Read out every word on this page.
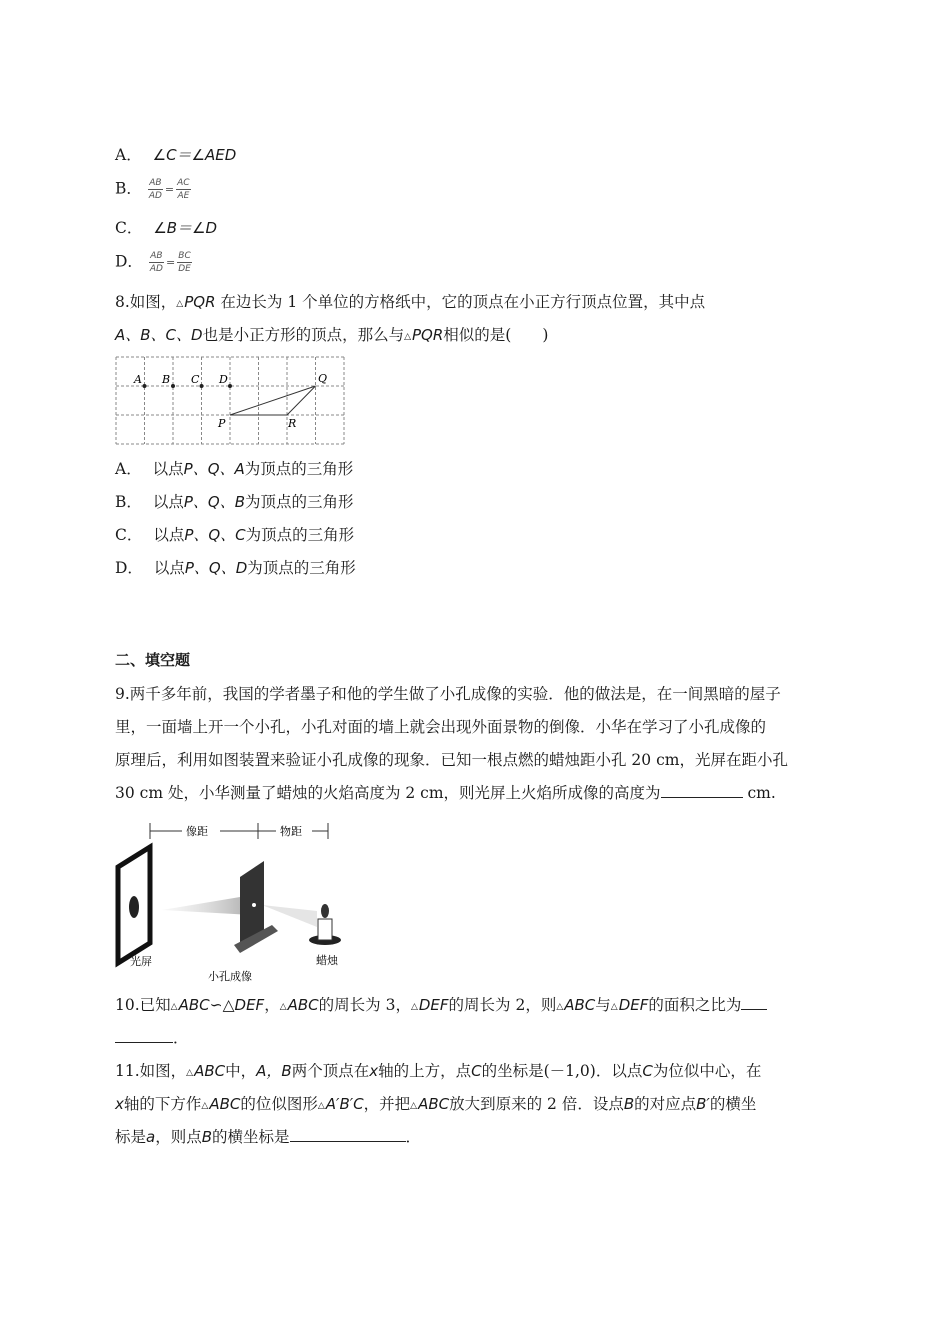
A． ∠C＝∠AED
B． $\frac{AB}{AD} = \frac{AC}{AE}$
C． ∠B＝∠D
D． $\frac{AB}{AD} = \frac{BC}{DE}$
8.如图，△PQR 在边长为 1 个单位的方格纸中，它的顶点在小正方行顶点位置，其中点
A、B、C、D也是小正方形的顶点，那么与△PQR相似的是(　　)
A B C D	Q
P	R
A． 以点P、Q、A为顶点的三角形
B． 以点P、Q、B为顶点的三角形
C． 以点P、Q、C为顶点的三角形
D． 以点P、Q、D为顶点的三角形
二、填空题
9.两千多年前，我国的学者墨子和他的学生做了小孔成像的实验．他的做法是，在一间黑暗的屋子
里，一面墙上开一个小孔，小孔对面的墙上就会出现外面景物的倒像．小华在学习了小孔成像的
原理后，利用如图装置来验证小孔成像的现象．已知一根点燃的蜡烛距小孔 20 cm，光屏在距小孔
30 cm 处，小华测量了蜡烛的火焰高度为 2 cm，则光屏上火焰所成像的高度为	cm.
像距	物距
光屏
小孔成像
蜡烛
10.已知△ABC∽△DEF，△ABC的周长为 3，△DEF的周长为 2，则△ABC与△DEF的面积之比为
．
11.如图，△ABC中，A，B两个顶点在x轴的上方，点C的坐标是(－1,0)．以点C为位似中心，在
x轴的下方作△ABC的位似图形△A′B′C，并把△ABC放大到原来的 2 倍．设点B的对应点B′的横坐
标是a，则点B的横坐标是	．
